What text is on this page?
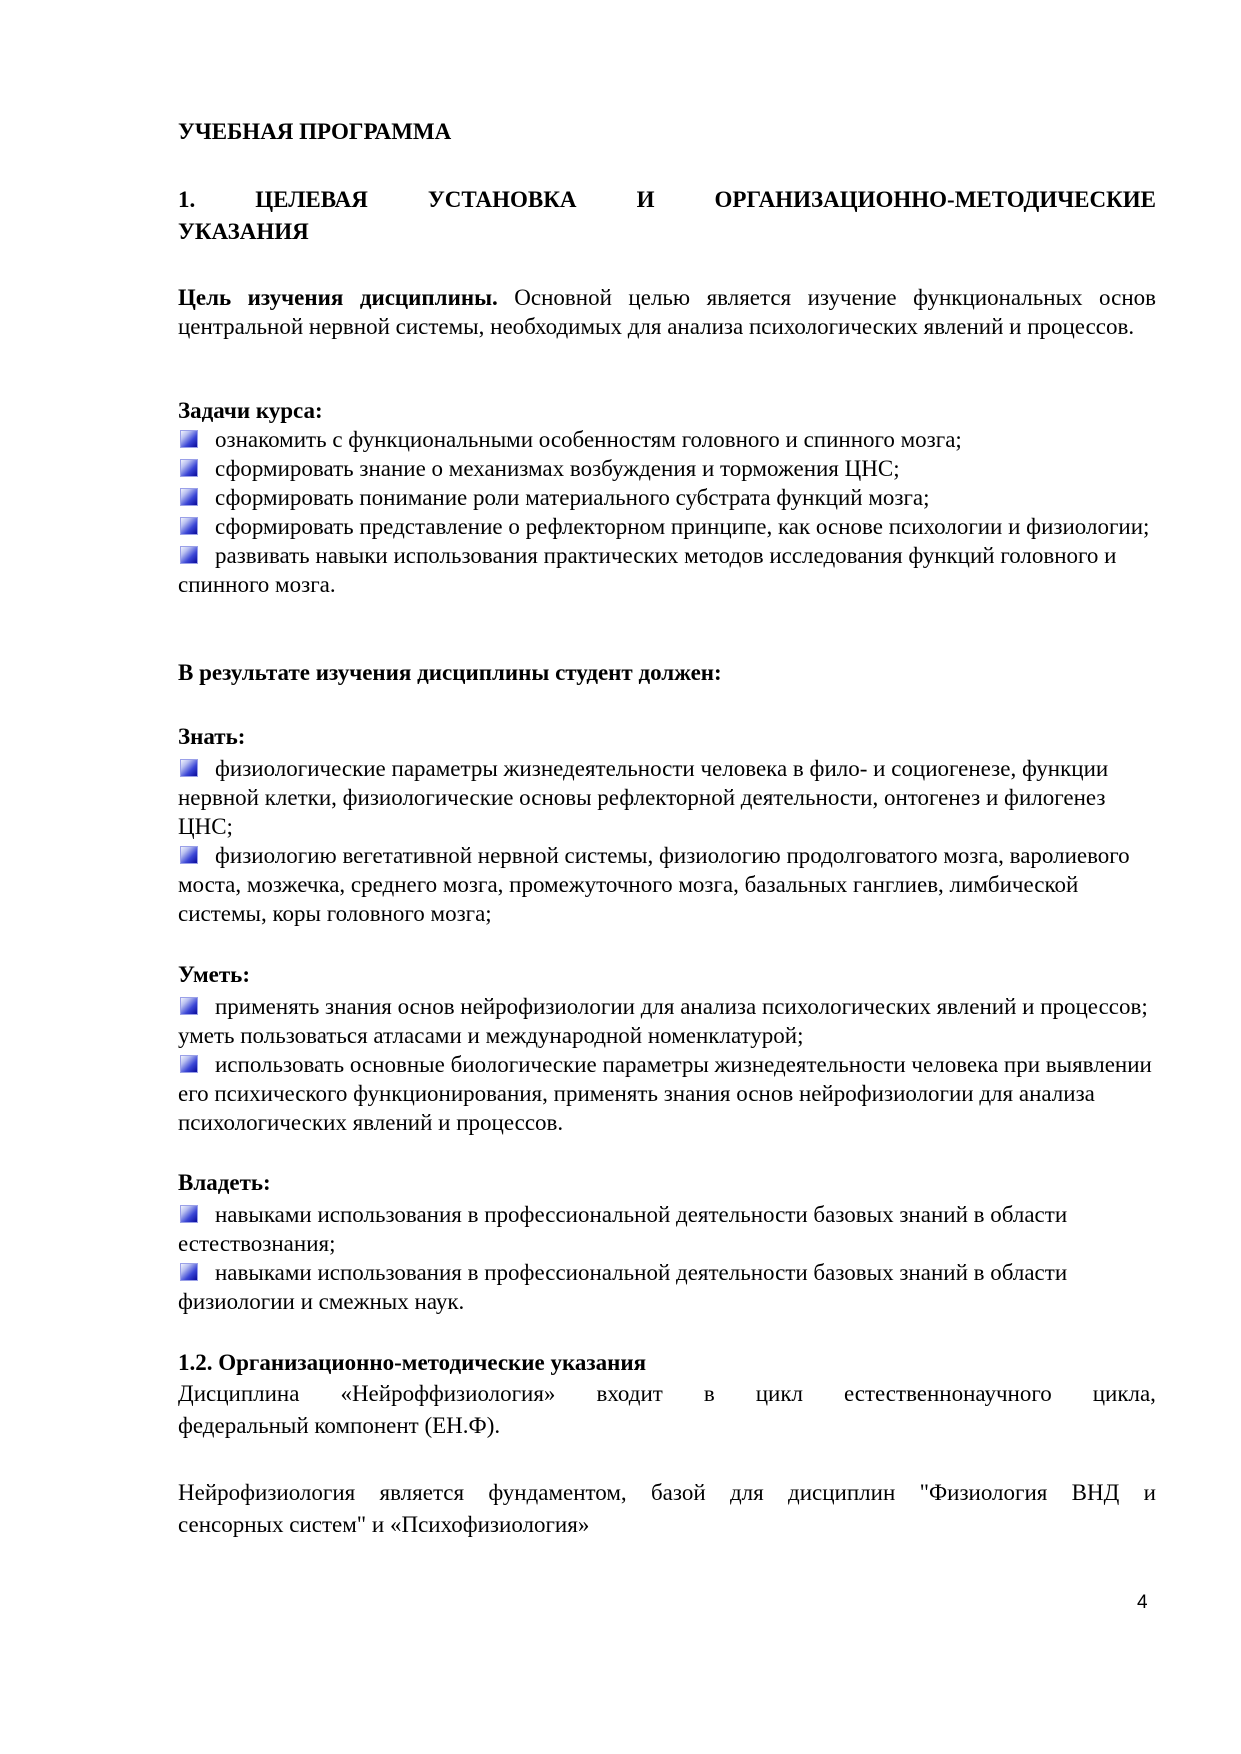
УЧЕБНАЯ ПРОГРАММА
1.	ЦЕЛЕВАЯ	УСТАНОВКА	И	ОРГАНИЗАЦИОННО-МЕТОДИЧЕСКИЕ
УКАЗАНИЯ
Цель изучения дисциплины. Основной целью является изучение функциональных основ центральной нервной системы, необходимых для анализа психологических явлений и процессов.
Задачи курса:
ознакомить с функциональными особенностям головного и спинного мозга;
сформировать знание о механизмах возбуждения и торможения ЦНС;
сформировать понимание роли материального субстрата функций мозга;
сформировать представление о рефлекторном принципе, как основе психологии и физиологии;
развивать навыки использования практических методов исследования функций головного и спинного мозга.
В результате изучения дисциплины студент должен:
Знать:
физиологические параметры жизнедеятельности человека в фило- и социогенезе, функции нервной клетки, физиологические основы рефлекторной деятельности, онтогенез и филогенез ЦНС;
физиологию вегетативной нервной системы, физиологию продолговатого мозга, варолиевого моста, мозжечка, среднего мозга, промежуточного мозга, базальных ганглиев, лимбической системы, коры головного мозга;
Уметь:
применять знания основ нейрофизиологии для анализа психологических явлений и процессов; уметь пользоваться атласами и международной номенклатурой;
использовать основные биологические параметры жизнедеятельности человека при выявлении его психического функционирования, применять знания основ нейрофизиологии для анализа психологических явлений и процессов.
Владеть:
навыками использования в профессиональной деятельности базовых знаний в области естествознания;
навыками использования в профессиональной деятельности базовых знаний в области физиологии и смежных наук.
1.2. Организационно-методические указания
Дисциплина «Нейроффизиология» входит в цикл естественнонаучного цикла,
федеральный компонент (ЕН.Ф).
Нейрофизиология является фундаментом, базой для дисциплин "Физиология ВНД и
сенсорных систем" и «Психофизиология»
4
